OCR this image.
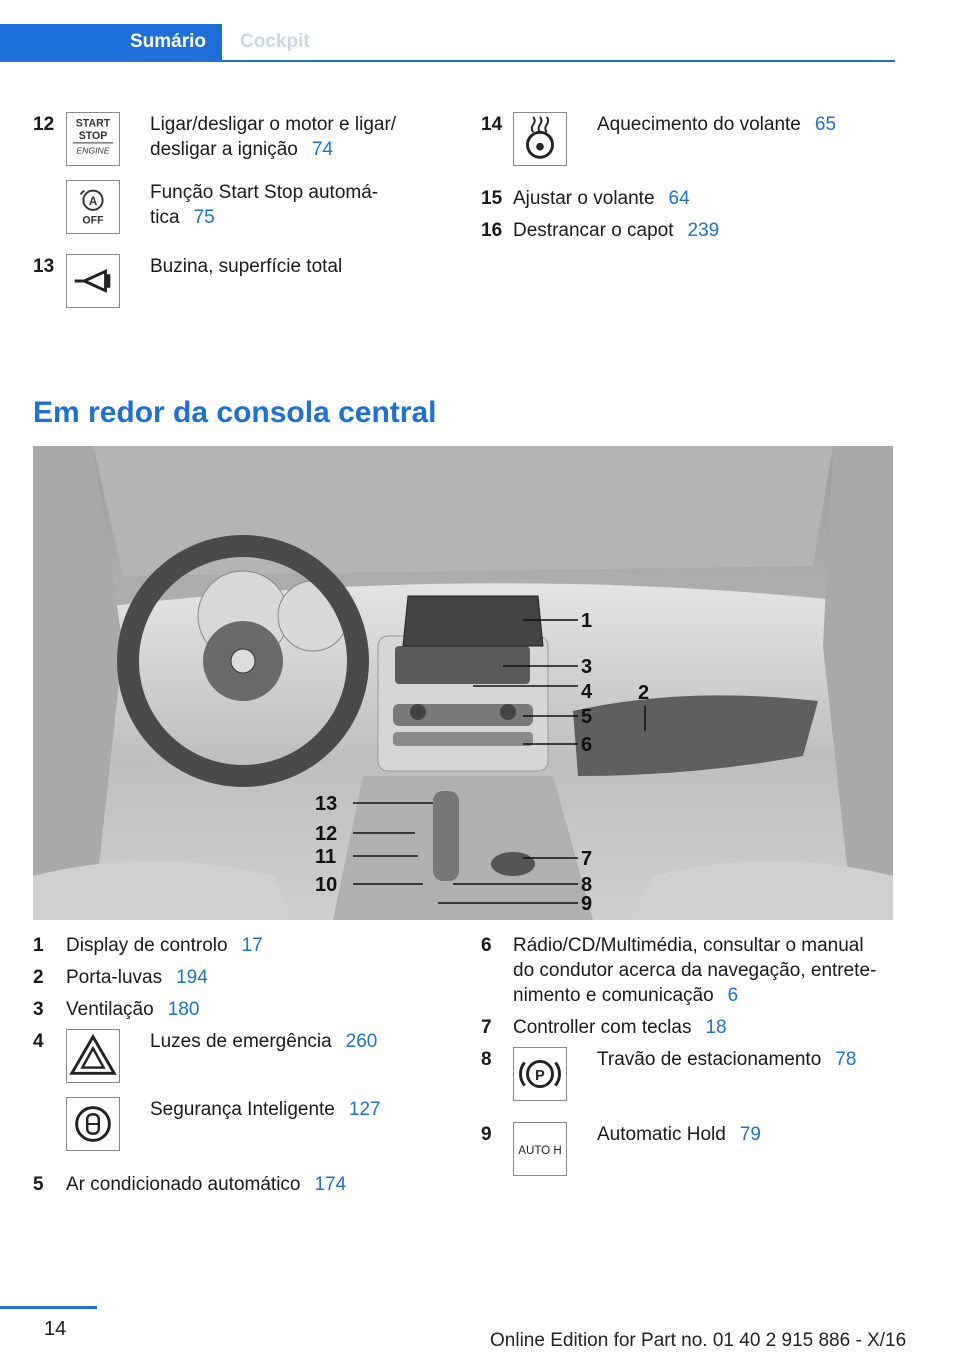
Sumário	Cockpit
12 START
STOP
ENGINE
Ligar/desligar o motor e ligar/
desligar a ignição 74
A
OFF
Função Start Stop automá-
tica 75
13	Buzina, superfície total
14	Aquecimento do volante 65
15 Ajustar o volante 64
16 Destrancar o capot 239
Em redor da consola central
1
2
3
4
5
6
7
8
9
10
11
12
13
1 Display de controlo 17
2 Porta-luvas 194
3 Ventilação 180
4	Luzes de emergência 260
Segurança Inteligente 127
5 Ar condicionado automático 174
6 Rádio/CD/Multimédia, consultar o manual
do condutor acerca da navegação, entrete-
nimento e comunicação 6
7 Controller com teclas 18
8
P
Travão de estacionamento 78
9
AUTO H
Automatic Hold 79
14
Online Edition for Part no. 01 40 2 915 886 - X/16
